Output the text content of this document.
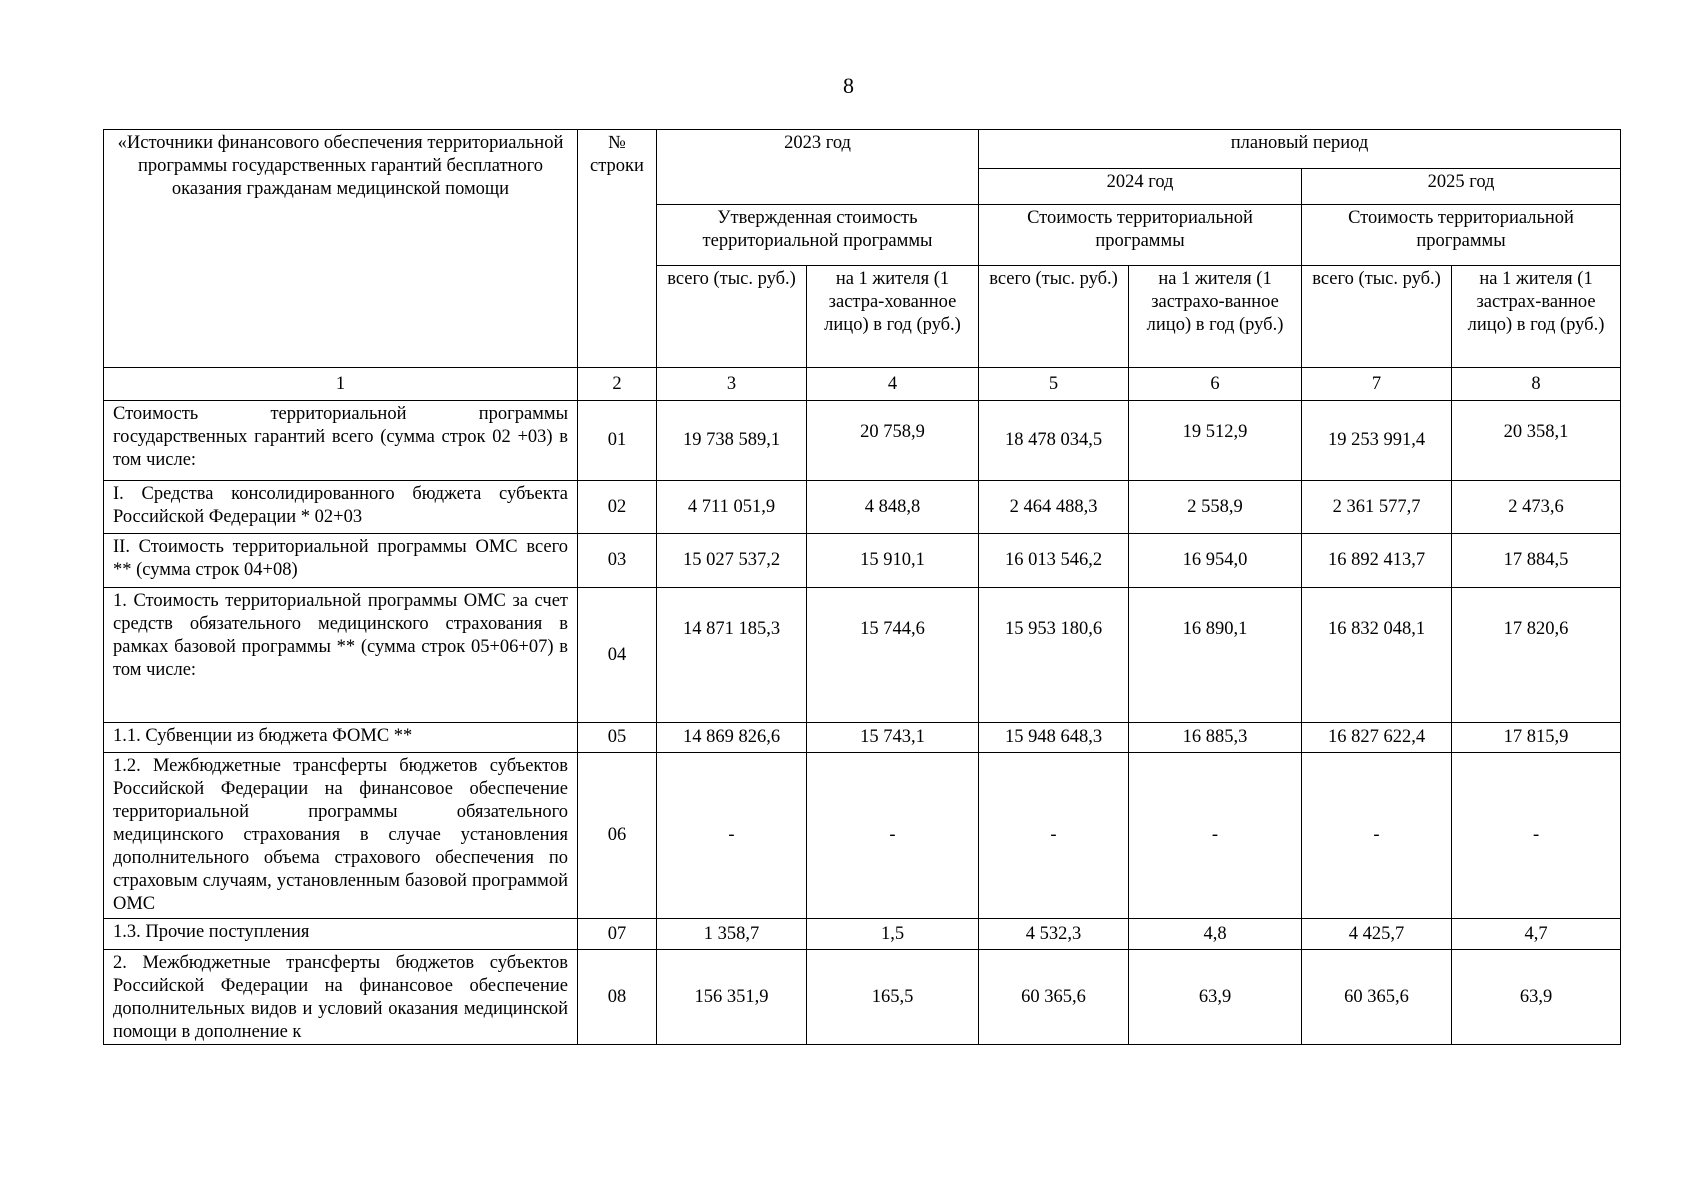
8
«Источники финансового обеспечения территориальной программы государственных гарантий бесплатного оказания гражданам медицинской помощи	№ строки	2023 год		плановый период			
				2024 год		2025 год	
		Утвержденная стоимость территориальной программы		Стоимость территориальной программы		Стоимость территориальной программы	
		всего (тыс. руб.)	на 1 жителя (1 застра-хованное лицо) в год (руб.)	всего (тыс. руб.)	на 1 жителя (1 застрахо-ванное лицо) в год (руб.)	всего (тыс. руб.)	на 1 жителя (1 застрах-ванное лицо) в год (руб.)
1	2	3	4	5	6	7	8
Стоимость территориальной программы государственных гарантий всего (сумма строк 02 +03) в том числе:	01	19 738 589,1	20 758,9	18 478 034,5	19 512,9	19 253 991,4	20 358,1
I. Средства консолидированного бюджета субъекта Российской Федерации * 02+03	02	4 711 051,9	4 848,8	2 464 488,3	2 558,9	2 361 577,7	2 473,6
II. Стоимость территориальной программы ОМС всего ** (сумма строк 04+08)	03	15 027 537,2	15 910,1	16 013 546,2	16 954,0	16 892 413,7	17 884,5
1. Стоимость территориальной программы ОМС за счет средств обязательного медицинского страхования в рамках базовой программы ** (сумма строк 05+06+07) в том числе:	04	14 871 185,3	15 744,6	15 953 180,6	16 890,1	16 832 048,1	17 820,6
1.1. Субвенции из бюджета ФОМС **	05	14 869 826,6	15 743,1	15 948 648,3	16 885,3	16 827 622,4	17 815,9
1.2. Межбюджетные трансферты бюджетов субъектов Российской Федерации на финансовое обеспечение территориальной программы обязательного медицинского страхования в случае установления дополнительного объема страхового обеспечения по страховым случаям, установленным базовой программой ОМС	06	-	-	-	-	-	-
1.3. Прочие поступления	07	1 358,7	1,5	4 532,3	4,8	4 425,7	4,7
2. Межбюджетные трансферты бюджетов субъектов Российской Федерации на финансовое обеспечение дополнительных видов и условий оказания медицинской помощи в дополнение к	08	156 351,9	165,5	60 365,6	63,9	60 365,6	63,9
